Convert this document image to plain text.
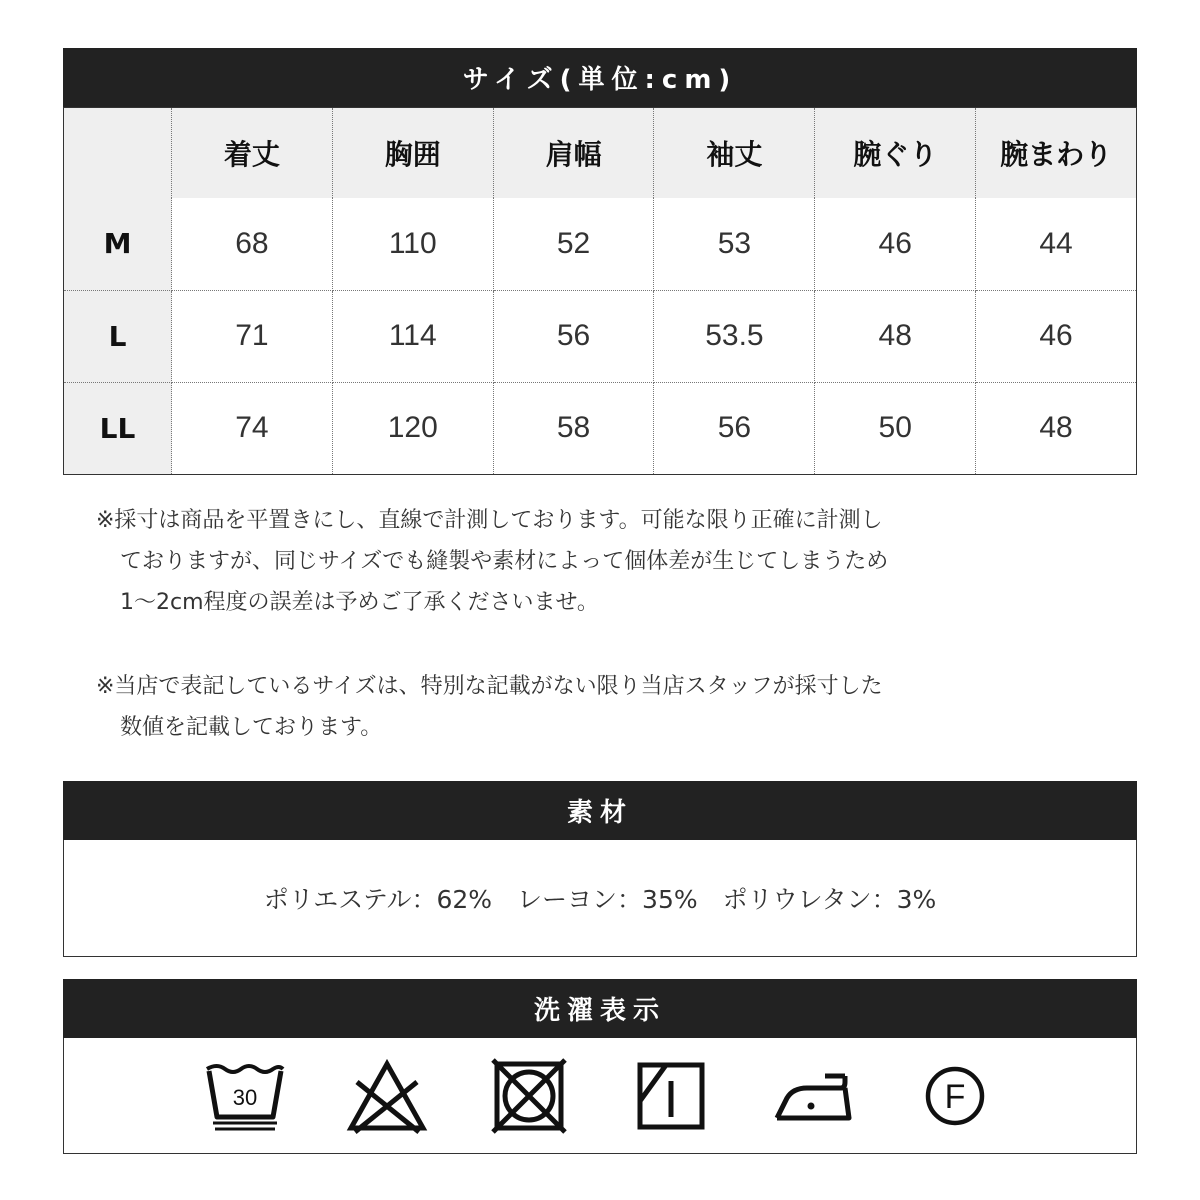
サイズ(単位:cm)
	着丈	胸囲	肩幅	袖丈	腕ぐり	腕まわり
M	68	110	52	53	46	44
L	71	114	56	53.5	48	46
LL	74	120	58	56	50	48

※採寸は商品を平置きにし、直線で計測しております。可能な限り正確に計測し

ておりますが、同じサイズでも縫製や素材によって個体差が生じてしまうため

1〜2cm程度の誤差は予めご了承くださいませ。

※当店で表記しているサイズは、特別な記載がない限り当店スタッフが採寸した

数値を記載しております。

素材
ポリエステル：62%　レーヨン：35%　ポリウレタン：3%
洗濯表示
30	F
